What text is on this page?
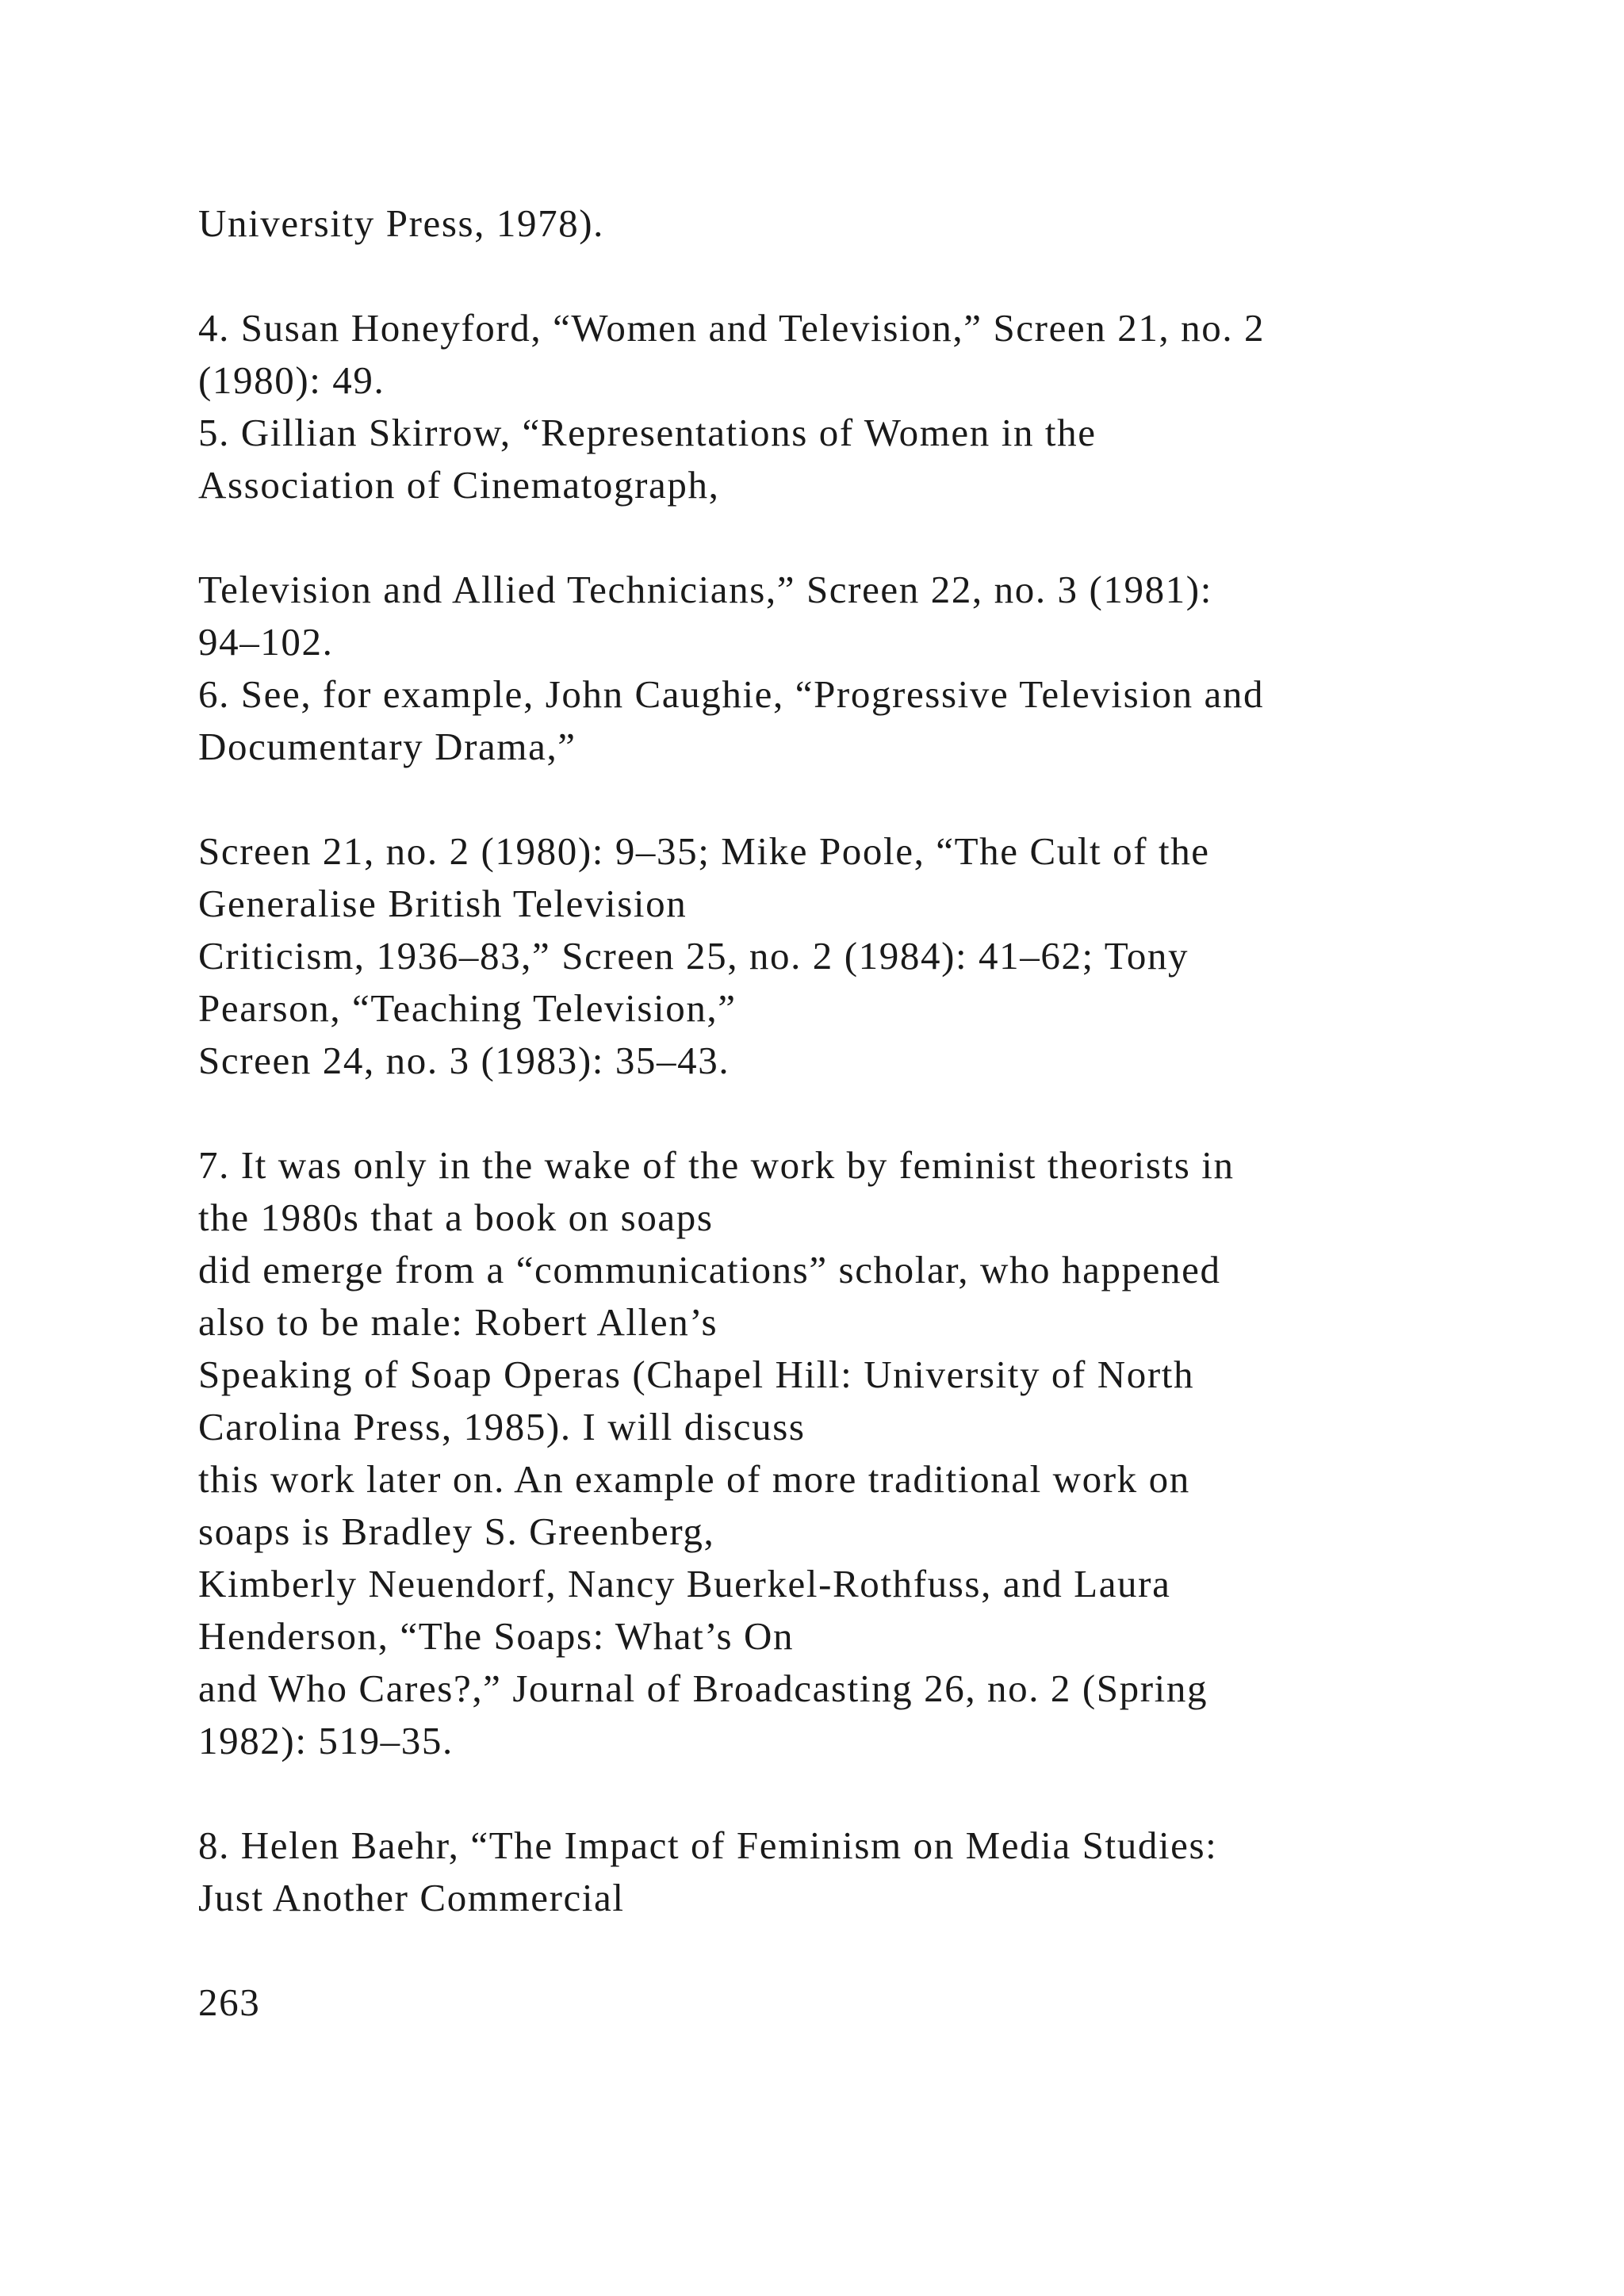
University Press, 1978).
4. Susan Honeyford, “Women and Television,” Screen 21, no. 2
(1980): 49.
5. Gillian Skirrow, “Representations of Women in the
Association of Cinematograph,
Television and Allied Technicians,” Screen 22, no. 3 (1981):
94–102.
6. See, for example, John Caughie, “Progressive Television and
Documentary Drama,”
Screen 21, no. 2 (1980): 9–35; Mike Poole, “The Cult of the
Generalise British Television
Criticism, 1936–83,” Screen 25, no. 2 (1984): 41–62; Tony
Pearson, “Teaching Television,”
Screen 24, no. 3 (1983): 35–43.
7. It was only in the wake of the work by feminist theorists in
the 1980s that a book on soaps
did emerge from a “communications” scholar, who happened
also to be male: Robert Allen’s
Speaking of Soap Operas (Chapel Hill: University of North
Carolina Press, 1985). I will discuss
this work later on. An example of more traditional work on
soaps is Bradley S. Greenberg,
Kimberly Neuendorf, Nancy Buerkel-Rothfuss, and Laura
Henderson, “The Soaps: What’s On
and Who Cares?,” Journal of Broadcasting 26, no. 2 (Spring
1982): 519–35.
8. Helen Baehr, “The Impact of Feminism on Media Studies:
Just Another Commercial
263
